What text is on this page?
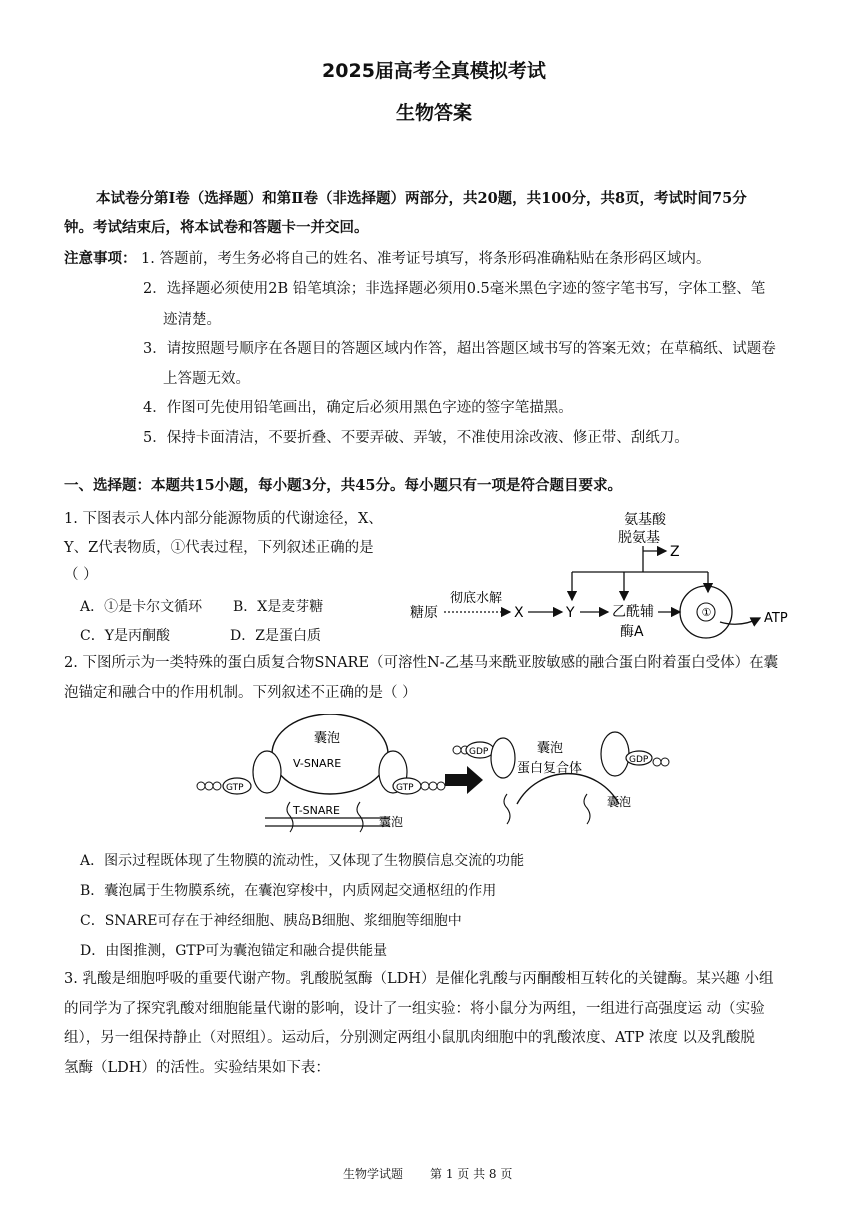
2025届高考全真模拟考试
生物答案
本试卷分第Ⅰ卷（选择题）和第Ⅱ卷（非选择题）两部分，共20题，共100分，共8页，考试时间75分
钟。考试结束后，将本试卷和答题卡一并交回。
注意事项： 1. 答题前，考生务必将自己的姓名、准考证号填写，将条形码准确粘贴在条形码区域内。
2．选择题必须使用2B 铅笔填涂；非选择题必须用0.5毫米黑色字迹的签字笔书写，字体工整、笔
迹清楚。
3．请按照题号顺序在各题目的答题区域内作答，超出答题区域书写的答案无效；在草稿纸、试题卷
上答题无效。
4．作图可先使用铅笔画出，确定后必须用黑色字迹的签字笔描黑。
5．保持卡面清洁，不要折叠、不要弄破、弄皱，不准使用涂改液、修正带、刮纸刀。
一、选择题：本题共15小题，每小题3分，共45分。每小题只有一项是符合题目要求。
1. 下图表示人体内部分能源物质的代谢途径，X、
Y、Z代表物质，①代表过程，下列叙述正确的是
（ ）
A．①是卡尔文循环 B．X是麦芽糖
C．Y是丙酮酸	D．Z是蛋白质
氨基酸
脱氨基
Z
糖原
彻底水解
X	Y	乙酰辅
酶A
①	ATP
2. 下图所示为一类特殊的蛋白质复合物SNARE（可溶性N-乙基马来酰亚胺敏感的融合蛋白附着蛋白受体）在囊
泡锚定和融合中的作用机制。下列叙述不正确的是（ ）
囊泡
V-SNARE
GTP	GTP
T-SNARE
囊泡
GDP	囊泡
蛋白复合体
GDP
囊泡
A．图示过程既体现了生物膜的流动性，又体现了生物膜信息交流的功能
B．囊泡属于生物膜系统，在囊泡穿梭中，内质网起交通枢纽的作用
C．SNARE可存在于神经细胞、胰岛B细胞、浆细胞等细胞中
D．由图推测，GTP可为囊泡锚定和融合提供能量
3. 乳酸是细胞呼吸的重要代谢产物。乳酸脱氢酶（LDH）是催化乳酸与丙酮酸相互转化的关键酶。某兴趣 小组
的同学为了探究乳酸对细胞能量代谢的影响，设计了一组实验：将小鼠分为两组，一组进行高强度运 动（实验
组），另一组保持静止（对照组）。运动后，分别测定两组小鼠肌肉细胞中的乳酸浓度、ATP 浓度 以及乳酸脱
氢酶（LDH）的活性。实验结果如下表：
生物学试题 第 1 页 共 8 页
